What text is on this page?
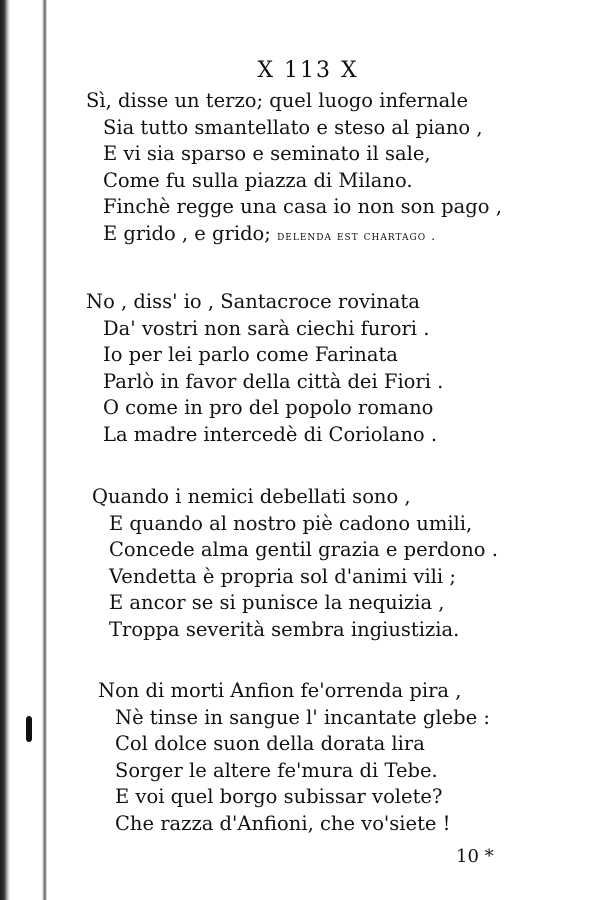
X 113 X
Sì, disse un terzo; quel luogo infernale
Sia tutto smantellato e steso al piano ,
E vi sia sparso e seminato il sale,
Come fu sulla piazza di Milano.
Finchè regge una casa io non son pago ,
E grido , e grido; delenda est chartago .
No , diss' io , Santacroce rovinata
Da' vostri non sarà ciechi furori .
Io per lei parlo come Farinata
Parlò in favor della città dei Fiori .
O come in pro del popolo romano
La madre intercedè di Coriolano .
Quando i nemici debellati sono ,
E quando al nostro piè cadono umili,
Concede alma gentil grazia e perdono .
Vendetta è propria sol d'animi vili ;
E ancor se si punisce la nequizia ,
Troppa severità sembra ingiustizia.
Non di morti Anfion fe'orrenda pira ,
Nè tinse in sangue l' incantate glebe :
Col dolce suon della dorata lira
Sorger le altere fe'mura di Tebe.
E voi quel borgo subissar volete?
Che razza d'Anfioni, che vo'siete !
10 *
